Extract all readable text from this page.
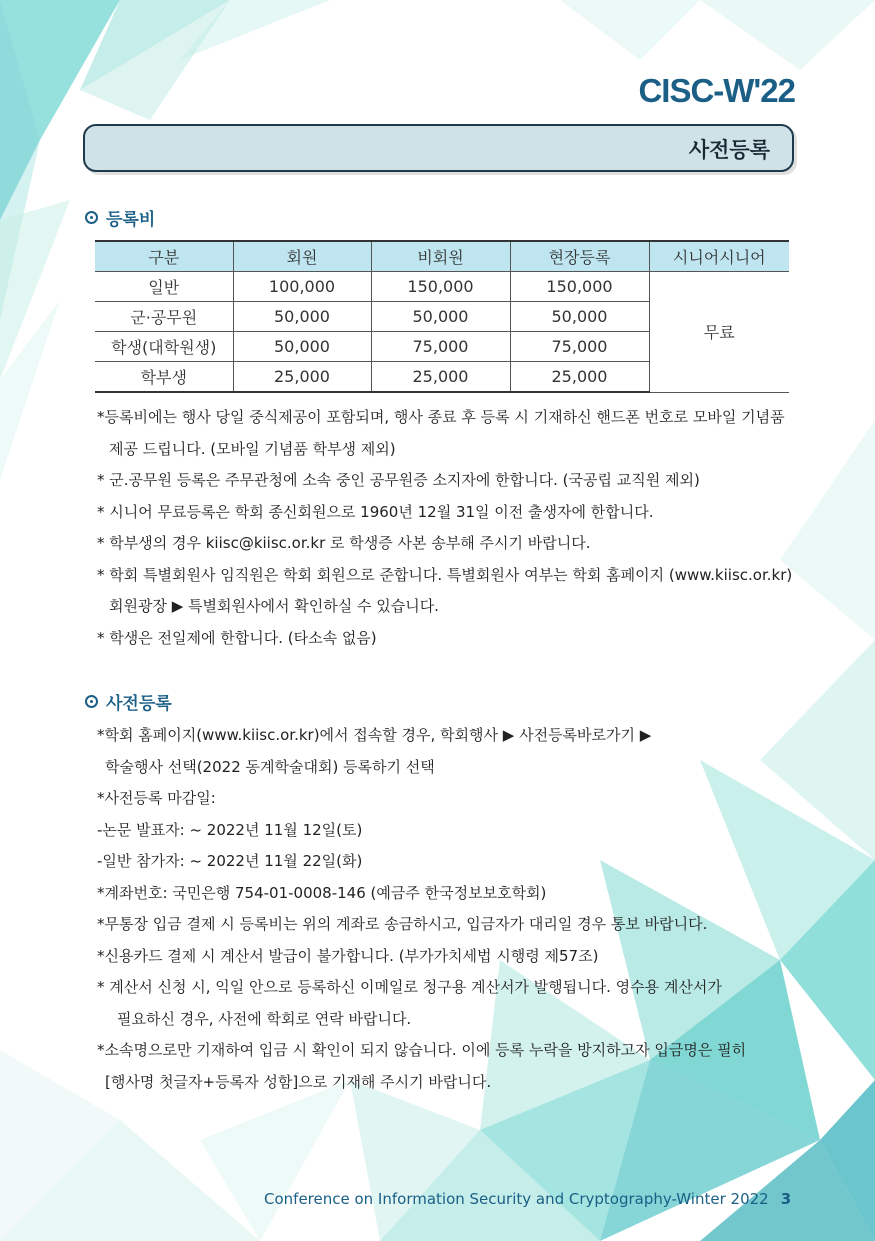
CISC-W'22
사전등록
등록비
구분	회원	비회원	현장등록	시니어시니어
일반	100,000	150,000	150,000	무료
군·공무원	50,000	50,000	50,000	
학생(대학원생)	50,000	75,000	75,000	
학부생	25,000	25,000	25,000	
*등록비에는 행사 당일 중식제공이 포함되며, 행사 종료 후 등록 시 기재하신 핸드폰 번호로 모바일 기념품
제공 드립니다. (모바일 기념품 학부생 제외)
* 군.공무원 등록은 주무관청에 소속 중인 공무원증 소지자에 한합니다. (국공립 교직원 제외)
* 시니어 무료등록은 학회 종신회원으로 1960년 12월 31일 이전 출생자에 한합니다.
* 학부생의 경우 kiisc@kiisc.or.kr 로 학생증 사본 송부해 주시기 바랍니다.
* 학회 특별회원사 임직원은 학회 회원으로 준합니다. 특별회원사 여부는 학회 홈페이지 (www.kiisc.or.kr)
회원광장 ▶ 특별회원사에서 확인하실 수 있습니다.
* 학생은 전일제에 한합니다. (타소속 없음)
사전등록
*학회 홈페이지(www.kiisc.or.kr)에서 접속할 경우, 학회행사 ▶ 사전등록바로가기 ▶
학술행사 선택(2022 동계학술대회) 등록하기 선택
*사전등록 마감일:
-논문 발표자: ~ 2022년 11월 12일(토)
-일반 참가자: ~ 2022년 11월 22일(화)
*계좌번호: 국민은행 754-01-0008-146 (예금주 한국정보보호학회)
*무통장 입금 결제 시 등록비는 위의 계좌로 송금하시고, 입금자가 대리일 경우 통보 바랍니다.
*신용카드 결제 시 계산서 발급이 불가합니다. (부가가치세법 시행령 제57조)
* 계산서 신청 시, 익일 안으로 등록하신 이메일로 청구용 계산서가 발행됩니다. 영수용 계산서가
필요하신 경우, 사전에 학회로 연락 바랍니다.
*소속명으로만 기재하여 입금 시 확인이 되지 않습니다. 이에 등록 누락을 방지하고자 입금명은 필히
[행사명 첫글자+등록자 성함]으로 기재해 주시기 바랍니다.
Conference on Information Security and Cryptography-Winter 2022 3
